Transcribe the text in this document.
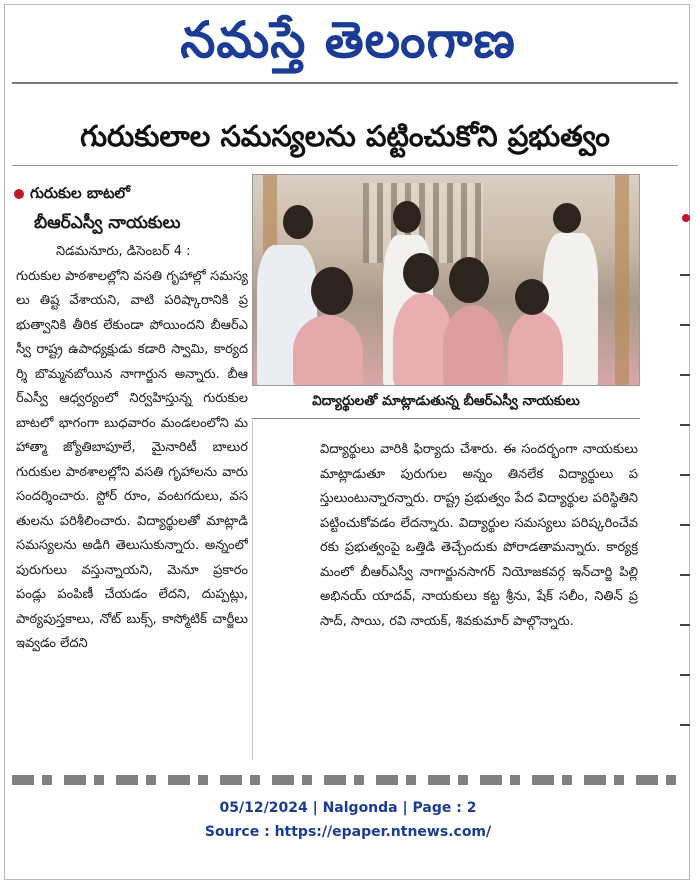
నమస్తే తెలంగాణ
గురుకులాల సమస్యలను పట్టించుకోని ప్రభుత్వం
గురుకుల బాటలో
బీఆర్ఎస్వీ నాయకులు
నిడమనూరు, డిసెంబర్ 4 :
గురుకుల పాఠశాలల్లోని వసతి గృహాల్లో సమస్యలు తిష్ట వేశాయని, వాటి పరిష్కారానికి ప్రభుత్వానికి తీరిక లేకుండా పోయిందని బీఆర్ఎస్వీ రాష్ట్ర ఉపాధ్యక్షుడు కడారి స్వామి, కార్యదర్శి బొమ్మనబోయిన నాగార్జున అన్నారు. బీఆర్ఎస్వీ ఆధ్వర్యంలో నిర్వహిస్తున్న గురుకుల బాటలో భాగంగా బుధవారం మండలంలోని మహాత్మా జ్యోతిబాపూలే, మైనారిటీ బాలుర గురుకుల పాఠశాలల్లోని వసతి గృహాలను వారు సందర్శించారు. స్టోర్ రూం, వంటగదులు, వసతులను పరిశీలించారు. విద్యార్థులతో మాట్లాడి సమస్యలను అడిగి తెలుసుకున్నారు. అన్నంలో పురుగులు వస్తున్నాయని, మెనూ ప్రకారం పండ్లు పంపిణీ చేయడం లేదని, దుప్పట్లు, పాఠ్యపుస్తకాలు, నోట్ బుక్స్, కాస్మోటిక్ చార్జీలు ఇవ్వడం లేదని
విద్యార్థులతో మాట్లాడుతున్న బీఆర్ఎస్వీ నాయకులు
విద్యార్థులు వారికి ఫిర్యాదు చేశారు. ఈ సందర్భంగా నాయకులు మాట్లాడుతూ పురుగుల అన్నం తినలేక విద్యార్థులు పస్తులుంటున్నారన్నారు. రాష్ట్ర ప్రభుత్వం పేద విద్యార్థుల పరిస్థితిని పట్టించుకోవడం లేదన్నారు. విద్యార్థుల సమస్యలు పరిష్కరించేవరకు ప్రభుత్వంపై ఒత్తిడి తెచ్చేందుకు పోరాడతామన్నారు. కార్యక్రమంలో బీఆర్ఎస్వీ నాగార్జునసాగర్ నియోజకవర్గ ఇన్‌చార్జి పిల్లి అభినయ్ యాదవ్, నాయకులు కట్ట శ్రీను, షేక్ సలీం, నితిన్ ప్రసాద్, సాయి, రవి నాయక్, శివకుమార్ పాల్గొన్నారు.
05/12/2024 | Nalgonda | Page : 2
Source : https://epaper.ntnews.com/
